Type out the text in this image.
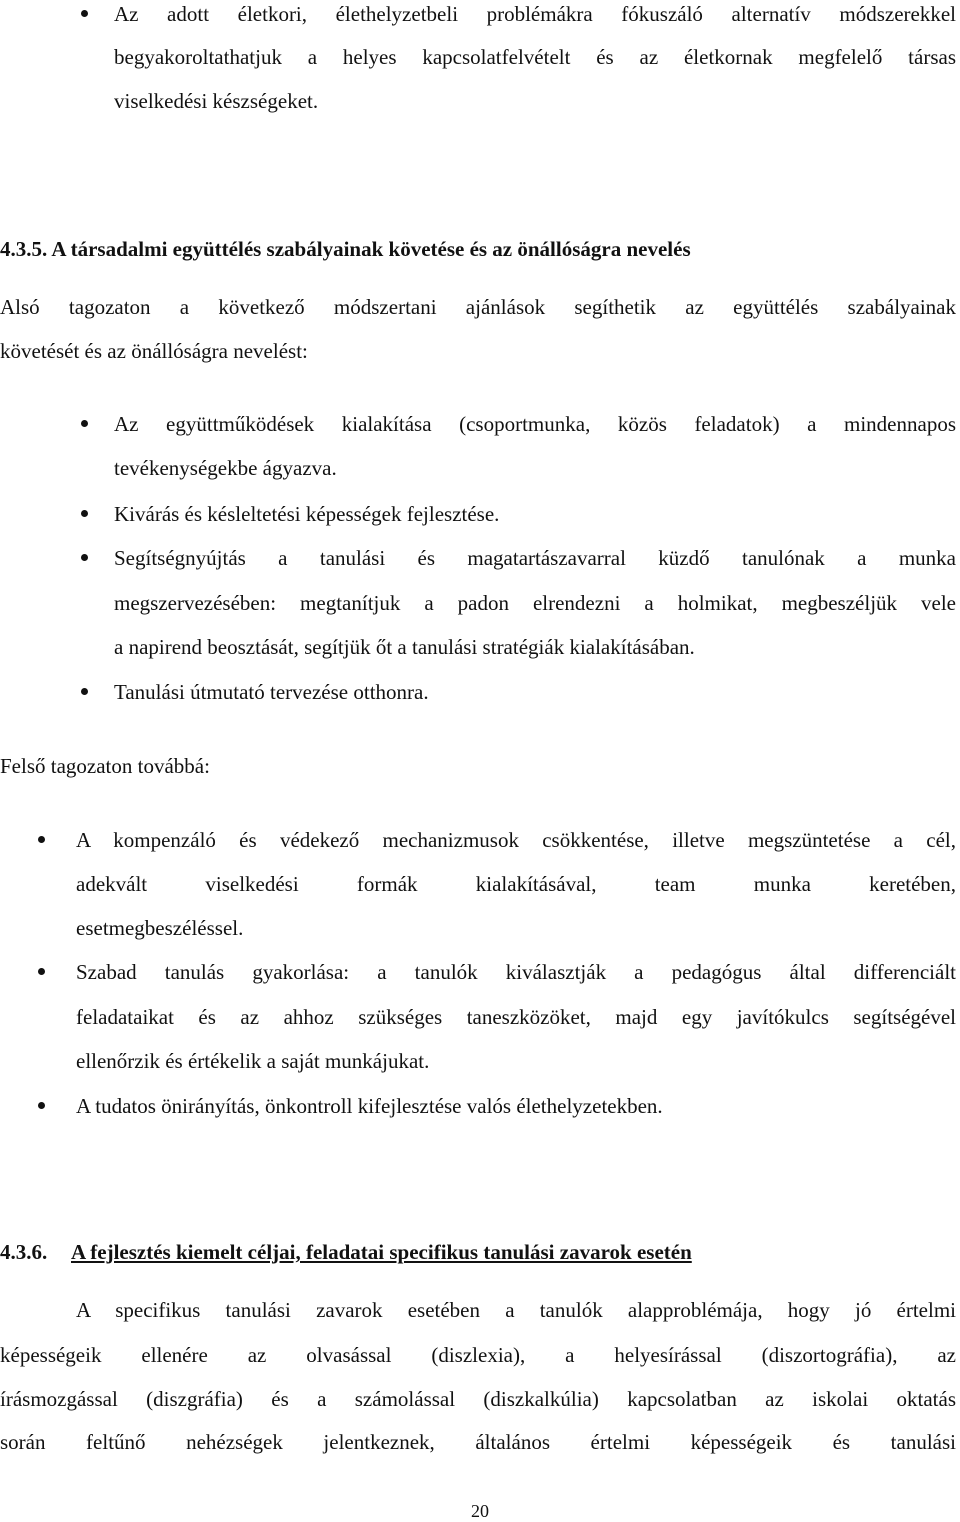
Az adott életkori, élethelyzetbeli problémákra fókuszáló alternatív módszerekkel
begyakoroltathatjuk a helyes kapcsolatfelvételt és az életkornak megfelelő társas
viselkedési készségeket.
4.3.5. A társadalmi együttélés szabályainak követése és az önállóságra nevelés
Alsó tagozaton a következő módszertani ajánlások segíthetik az együttélés szabályainak
követését és az önállóságra nevelést:
Az együttműködések kialakítása (csoportmunka, közös feladatok) a mindennapos
tevékenységekbe ágyazva.
Kivárás és késleltetési képességek fejlesztése.
Segítségnyújtás a tanulási és magatartászavarral küzdő tanulónak a munka
megszervezésében: megtanítjuk a padon elrendezni a holmikat, megbeszéljük vele
a napirend beosztását, segítjük őt a tanulási stratégiák kialakításában.
Tanulási útmutató tervezése otthonra.
Felső tagozaton továbbá:
A kompenzáló és védekező mechanizmusok csökkentése, illetve megszüntetése a cél,
adekvált viselkedési formák kialakításával, team munka keretében,
esetmegbeszéléssel.
Szabad tanulás gyakorlása: a tanulók kiválasztják a pedagógus által differenciált
feladataikat és az ahhoz szükséges taneszközöket, majd egy javítókulcs segítségével
ellenőrzik és értékelik a saját munkájukat.
A tudatos önirányítás, önkontroll kifejlesztése valós élethelyzetekben.
4.3.6. A fejlesztés kiemelt céljai, feladatai specifikus tanulási zavarok esetén
A specifikus tanulási zavarok esetében a tanulók alapproblémája, hogy jó értelmi
képességeik ellenére az olvasással (diszlexia), a helyesírással (diszortográfia), az
írásmozgással (diszgráfia) és a számolással (diszkalkúlia) kapcsolatban az iskolai oktatás
során feltűnő nehézségek jelentkeznek, általános értelmi képességeik és tanulási
20
